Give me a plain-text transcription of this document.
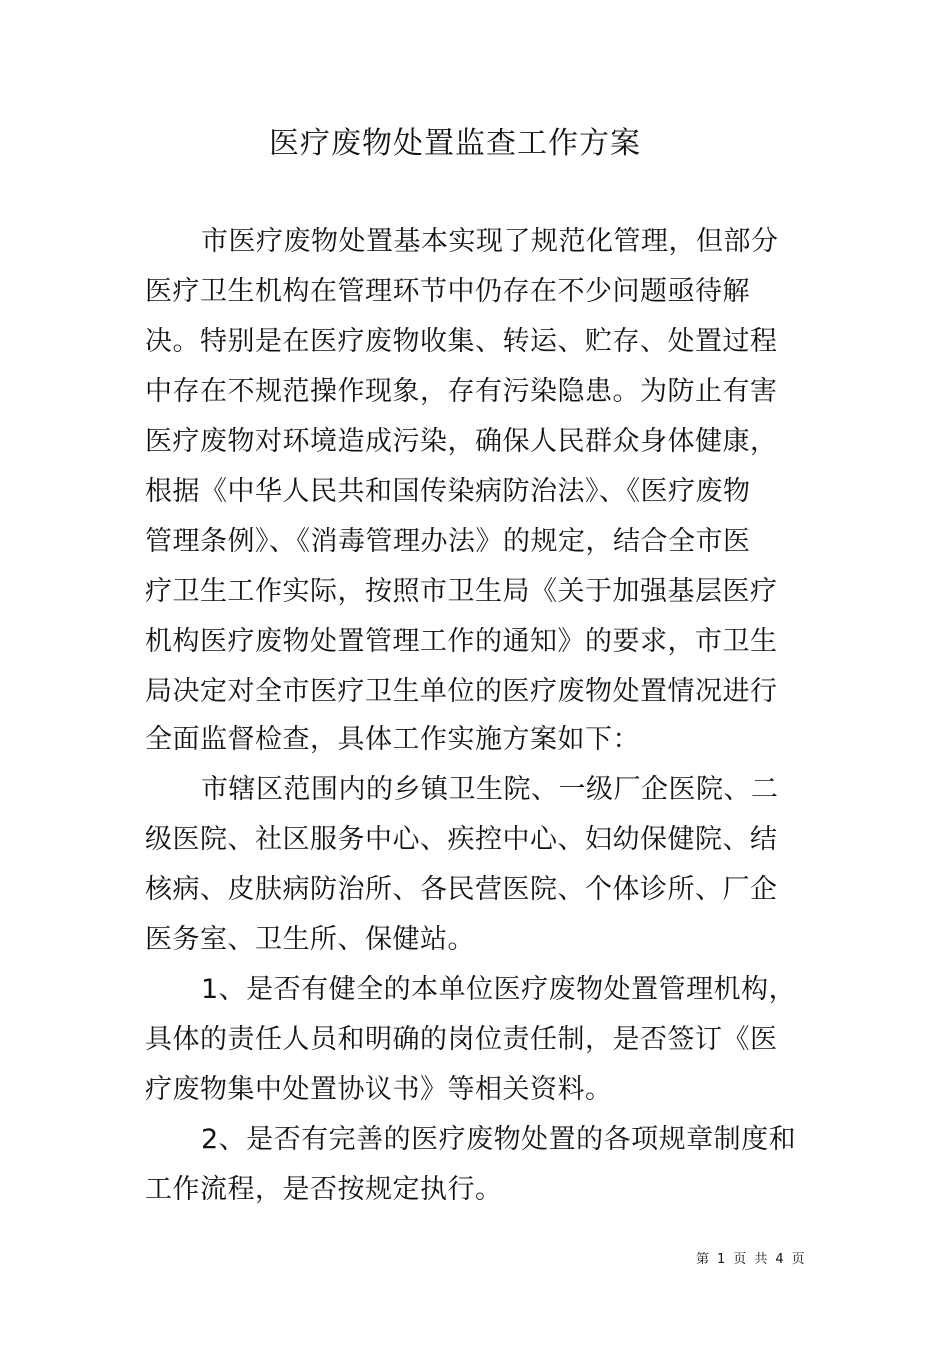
医疗废物处置监查工作方案
市医疗废物处置基本实现了规范化管理，但部分
医疗卫生机构在管理环节中仍存在不少问题亟待解
决。特别是在医疗废物收集、转运、贮存、处置过程
中存在不规范操作现象，存有污染隐患。为防止有害
医疗废物对环境造成污染，确保人民群众身体健康，
根据《中华人民共和国传染病防治法》、《医疗废物
管理条例》、《消毒管理办法》的规定，结合全市医
疗卫生工作实际，按照市卫生局《关于加强基层医疗
机构医疗废物处置管理工作的通知》的要求，市卫生
局决定对全市医疗卫生单位的医疗废物处置情况进行
全面监督检查，具体工作实施方案如下：
市辖区范围内的乡镇卫生院、一级厂企医院、二
级医院、社区服务中心、疾控中心、妇幼保健院、结
核病、皮肤病防治所、各民营医院、个体诊所、厂企
医务室、卫生所、保健站。
1、是否有健全的本单位医疗废物处置管理机构，
具体的责任人员和明确的岗位责任制，是否签订《医
疗废物集中处置协议书》等相关资料。
2、是否有完善的医疗废物处置的各项规章制度和
工作流程，是否按规定执行。
第 1 页 共 4 页
